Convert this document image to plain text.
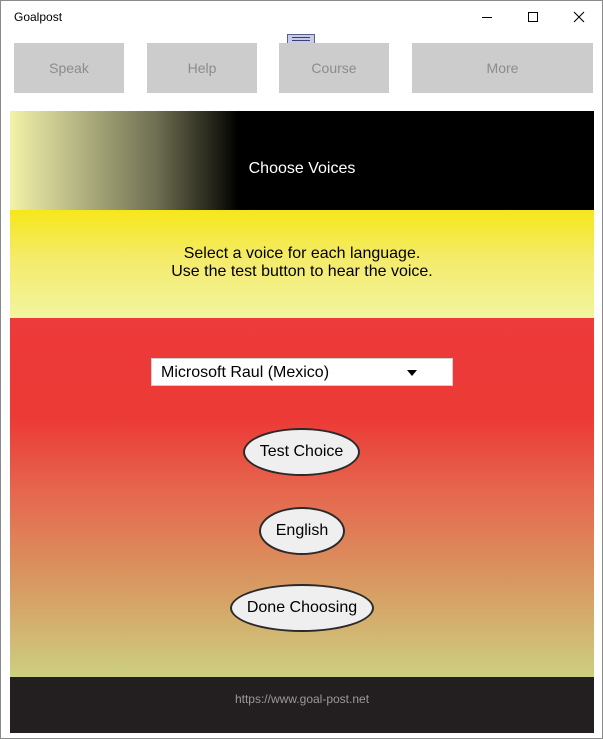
Goalpost
Speak	Help	Course	More
Choose Voices
Select a voice for each language.
Use the test button to hear the voice.
Microsoft Raul (Mexico)
Test Choice
English
Done Choosing
https://www.goal-post.net
